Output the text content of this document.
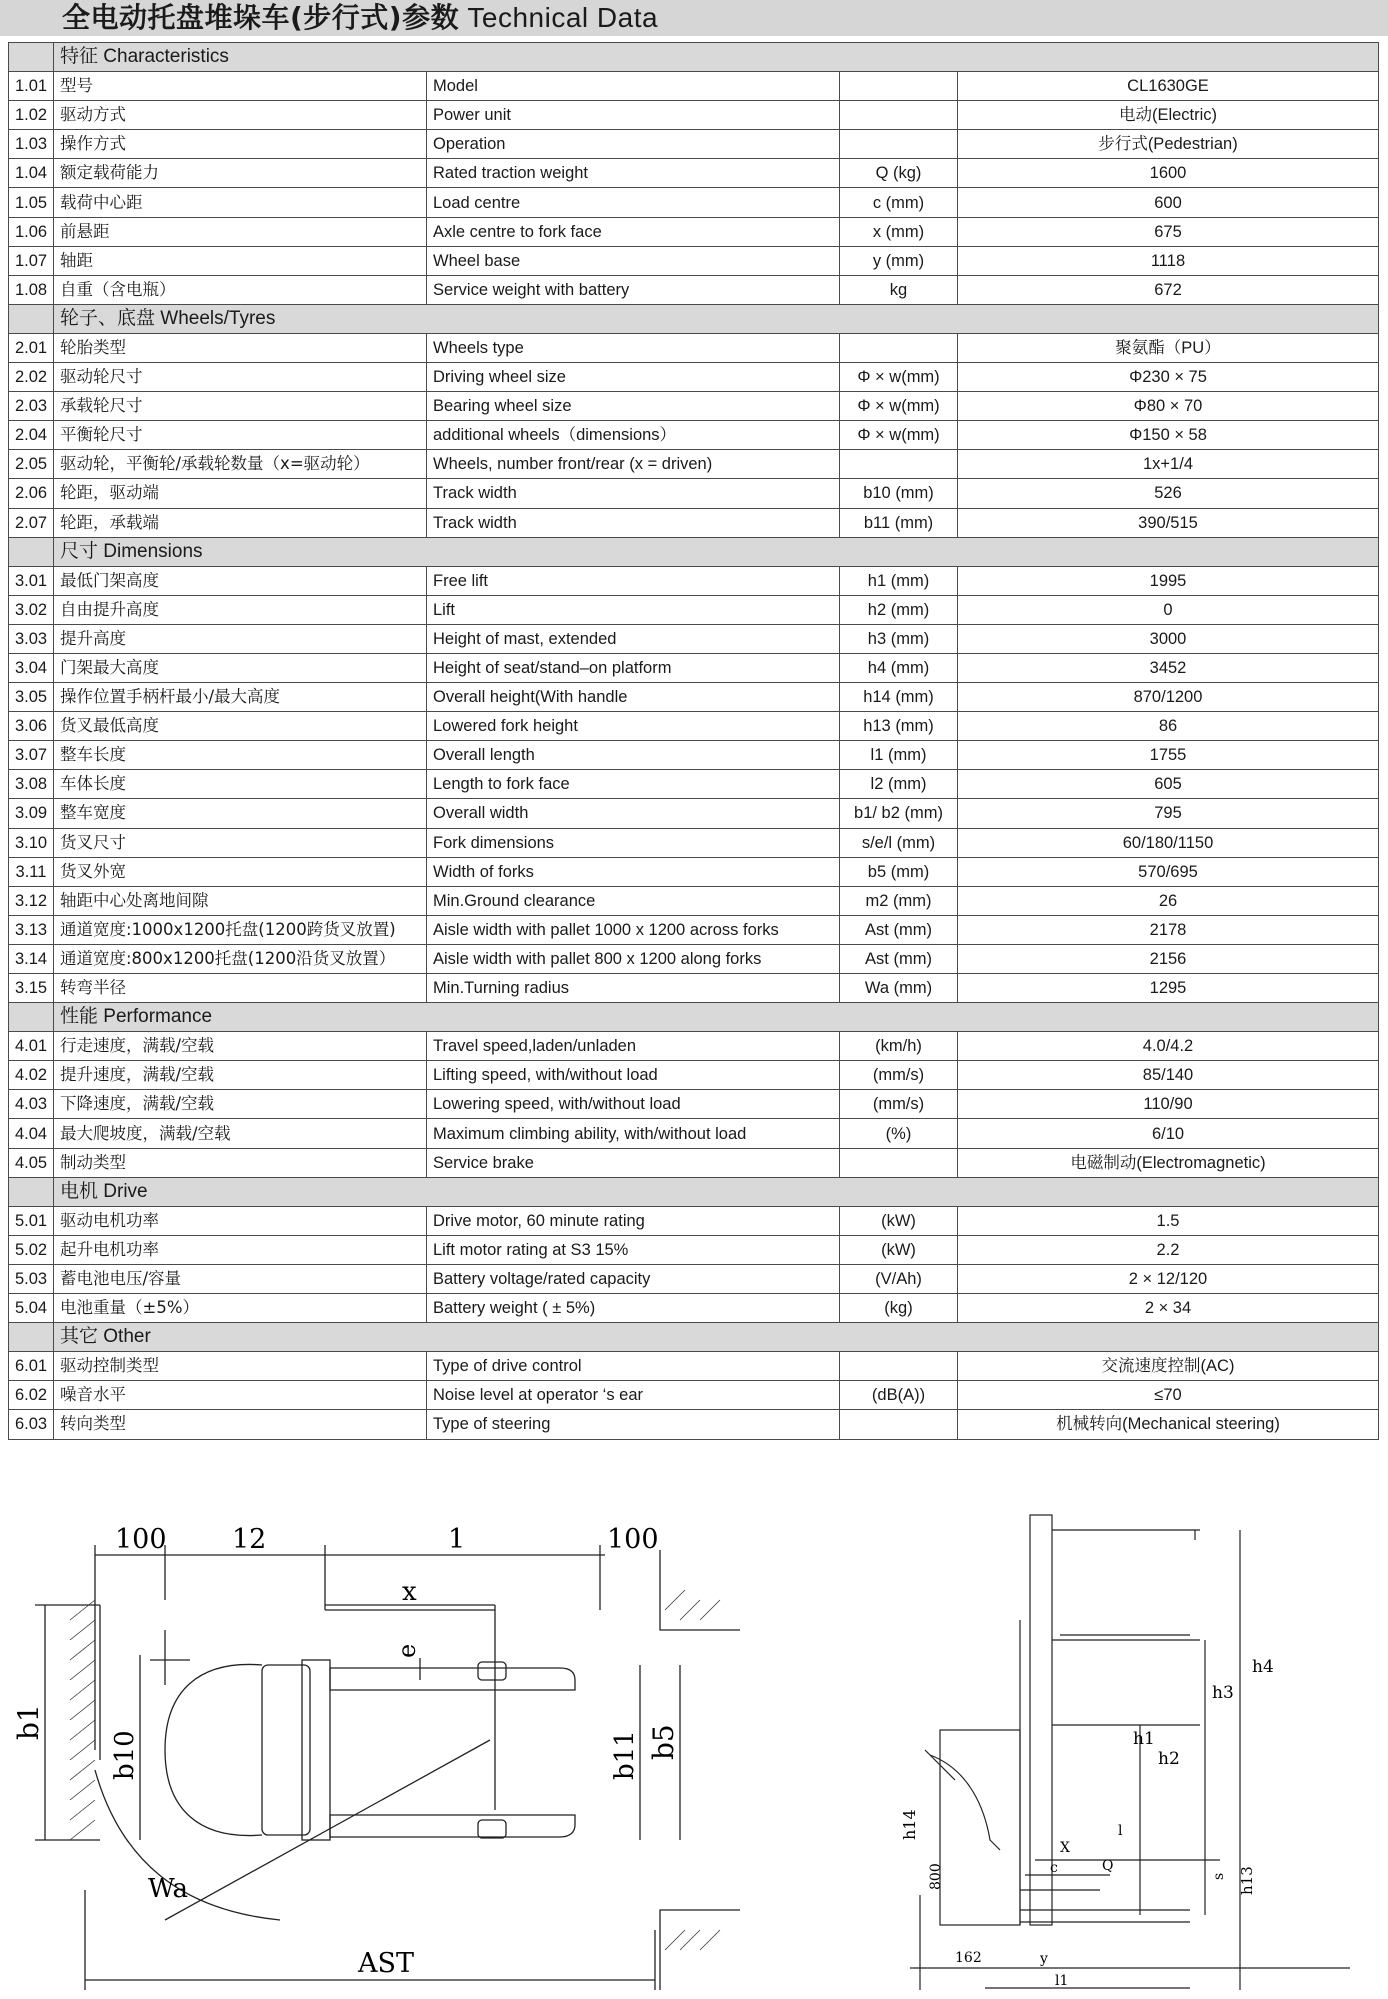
全电动托盘堆垛车(步行式)参数 Technical Data
	特征 Characteristics			
1.01	型号	Model		CL1630GE
1.02	驱动方式	Power unit		电动(Electric)
1.03	操作方式	Operation		步行式(Pedestrian)
1.04	额定载荷能力	Rated traction weight	Q (kg)	1600
1.05	载荷中心距	Load centre	c (mm)	600
1.06	前悬距	Axle centre to fork face	x (mm)	675
1.07	轴距	Wheel base	y (mm)	1118
1.08	自重（含电瓶）	Service weight with battery	kg	672
	轮子、底盘 Wheels/Tyres			
2.01	轮胎类型	Wheels type		聚氨酯（PU）
2.02	驱动轮尺寸	Driving wheel size	Φ × w(mm)	Φ230 × 75
2.03	承载轮尺寸	Bearing wheel size	Φ × w(mm)	Φ80 × 70
2.04	平衡轮尺寸	additional wheels（dimensions）	Φ × w(mm)	Φ150 × 58
2.05	驱动轮，平衡轮/承载轮数量（x=驱动轮）	Wheels, number front/rear (x = driven)		1x+1/4
2.06	轮距，驱动端	Track width	b10 (mm)	526
2.07	轮距，承载端	Track width	b11 (mm)	390/515
	尺寸 Dimensions			
3.01	最低门架高度	Free lift	h1 (mm)	1995
3.02	自由提升高度	Lift	h2 (mm)	0
3.03	提升高度	Height of mast, extended	h3 (mm)	3000
3.04	门架最大高度	Height of seat/stand–on platform	h4 (mm)	3452
3.05	操作位置手柄杆最小/最大高度	Overall height(With handle	h14 (mm)	870/1200
3.06	货叉最低高度	Lowered fork height	h13 (mm)	86
3.07	整车长度	Overall length	l1 (mm)	1755
3.08	车体长度	Length to fork face	l2 (mm)	605
3.09	整车宽度	Overall width	b1/ b2 (mm)	795
3.10	货叉尺寸	Fork dimensions	s/e/l (mm)	60/180/1150
3.11	货叉外宽	Width of forks	b5 (mm)	570/695
3.12	轴距中心处离地间隙	Min.Ground clearance	m2 (mm)	26
3.13	通道宽度:1000x1200托盘(1200跨货叉放置)	Aisle width with pallet 1000 x 1200 across forks	Ast (mm)	2178
3.14	通道宽度:800x1200托盘(1200沿货叉放置）	Aisle width with pallet 800 x 1200 along forks	Ast (mm)	2156
3.15	转弯半径	Min.Turning radius	Wa (mm)	1295
	性能 Performance			
4.01	行走速度，满载/空载	Travel speed,laden/unladen	(km/h)	4.0/4.2
4.02	提升速度，满载/空载	Lifting speed, with/without load	(mm/s)	85/140
4.03	下降速度，满载/空载	Lowering speed, with/without load	(mm/s)	110/90
4.04	最大爬坡度，满载/空载	Maximum climbing ability, with/without load	(%)	6/10
4.05	制动类型	Service brake		电磁制动(Electromagnetic)
	电机 Drive			
5.01	驱动电机功率	Drive motor, 60 minute rating	(kW)	1.5
5.02	起升电机功率	Lift motor rating at S3 15%	(kW)	2.2
5.03	蓄电池电压/容量	Battery voltage/rated capacity	(V/Ah)	2 × 12/120
5.04	电池重量（±5%）	Battery weight ( ± 5%)	(kg)	2 × 34
	其它 Other			
6.01	驱动控制类型	Type of drive control		交流速度控制(AC)
6.02	噪音水平	Noise level at operator ‘s ear	(dB(A))	≤70
6.03	转向类型	Type of steering		机械转向(Mechanical steering)
100 12	1	100
x
e
b1
b10	b11 b5
Wa
AST
h4
h3
h1
h2
h14
800	h13
s
X
l
c	Q
162	y
l1
